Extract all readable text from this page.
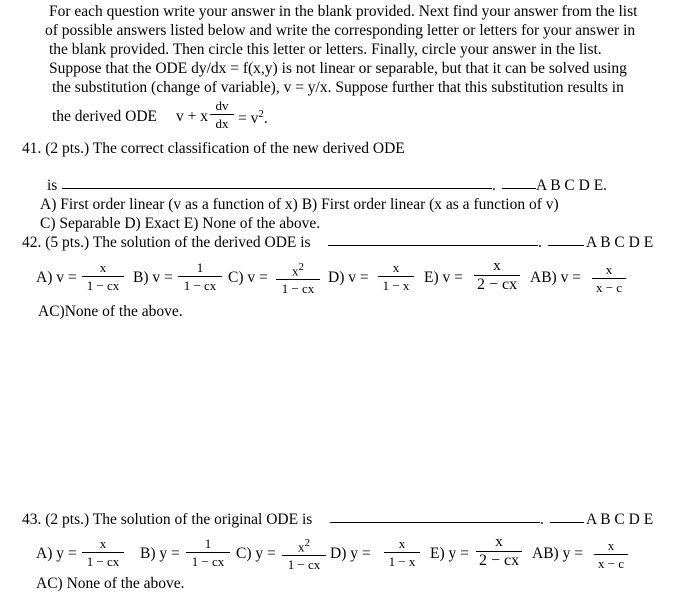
For each question write your answer in the blank provided. Next find your answer from the list
of possible answers listed below and write the corresponding letter or letters for your answer in
the blank provided. Then circle this letter or letters. Finally, circle your answer in the list.
Suppose that the ODE dy/dx = f(x,y) is not linear or separable, but that it can be solved using
the substitution (change of variable), v = y/x. Suppose further that this substitution results in
the derived ODE v + x
dv
dx = $v^2$.
41. (2 pts.) The correct classification of the new derived ODE
is	.	A B C D E.
A) First order linear (v as a function of x) B) First order linear (x as a function of v)
C) Separable D) Exact E) None of the above.
42. (5 pts.) The solution of the derived ODE is	.	A B C D E
A) v =
x
1 − cx B) v =
1
1 − cx C) v =	$x^2$
1 − cx
D) v =
x
1 − x E) v =
x
2 − cx AB) v =	x
x − c
AC)None of the above.
43. (2 pts.) The solution of the original ODE is	.	A B C D E
A) y =
x
1 − cx	B) y =
1
1 − cx C) y =	$x^2$
1 − cx
D) y =
x
1 − x E) y =
x
2 − cx AB) y =	x
x − c
AC) None of the above.
